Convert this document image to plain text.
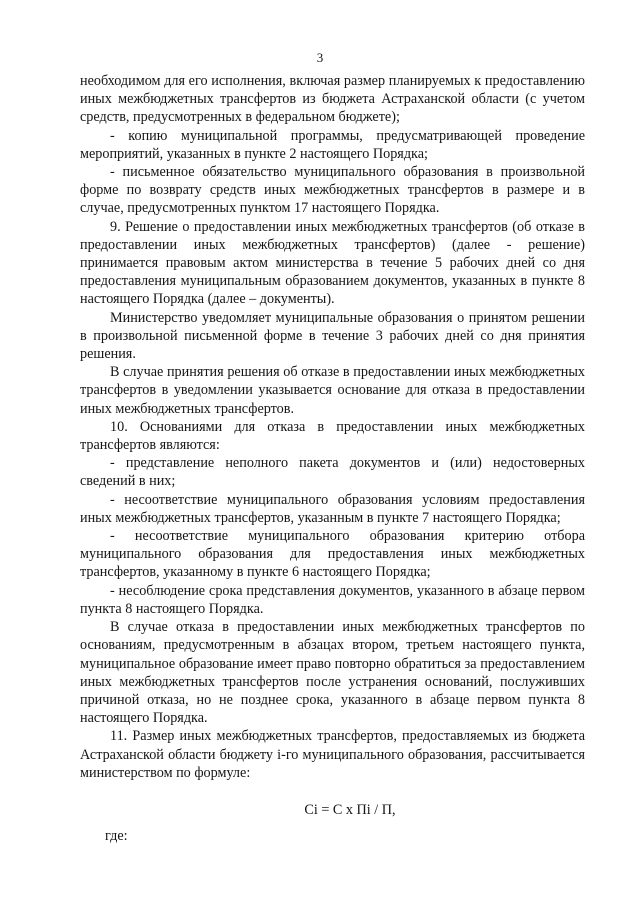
3

необходимом для его исполнения, включая размер планируемых к предоставлению иных межбюджетных трансфертов из бюджета Астраханской области (с учетом средств, предусмотренных в федеральном бюджете);

- копию муниципальной программы, предусматривающей проведение мероприятий, указанных в пункте 2 настоящего Порядка;

- письменное обязательство муниципального образования в произвольной форме по возврату средств иных межбюджетных трансфертов в размере и в случае, предусмотренных пунктом 17 настоящего Порядка.

9. Решение о предоставлении иных межбюджетных трансфертов (об отказе в предоставлении иных межбюджетных трансфертов) (далее - решение) принимается правовым актом министерства в течение 5 рабочих дней со дня предоставления муниципальным образованием документов, указанных в пункте 8 настоящего Порядка (далее – документы).

Министерство уведомляет муниципальные образования о принятом решении в произвольной письменной форме в течение 3 рабочих дней со дня принятия решения.

В случае принятия решения об отказе в предоставлении иных межбюджетных трансфертов в уведомлении указывается основание для отказа в предоставлении иных межбюджетных трансфертов.

10. Основаниями для отказа в предоставлении иных межбюджетных трансфертов являются:

- представление неполного пакета документов и (или) недостоверных сведений в них;

- несоответствие муниципального образования условиям предоставления иных межбюджетных трансфертов, указанным в пункте 7 настоящего Порядка;

- несоответствие муниципального образования критерию отбора муниципального образования для предоставления иных межбюджетных трансфертов, указанному в пункте 6 настоящего Порядка;

- несоблюдение срока представления документов, указанного в абзаце первом пункта 8 настоящего Порядка.

В случае отказа в предоставлении иных межбюджетных трансфертов по основаниям, предусмотренным в абзацах втором, третьем настоящего пункта, муниципальное образование имеет право повторно обратиться за предоставлением иных межбюджетных трансфертов после устранения оснований, послуживших причиной отказа, но не позднее срока, указанного в абзаце первом пункта 8 настоящего Порядка.

11. Размер иных межбюджетных трансфертов, предоставляемых из бюджета Астраханской области бюджету i-го муниципального образования, рассчитывается министерством по формуле:

Ci = C x Пi / П,
где:
